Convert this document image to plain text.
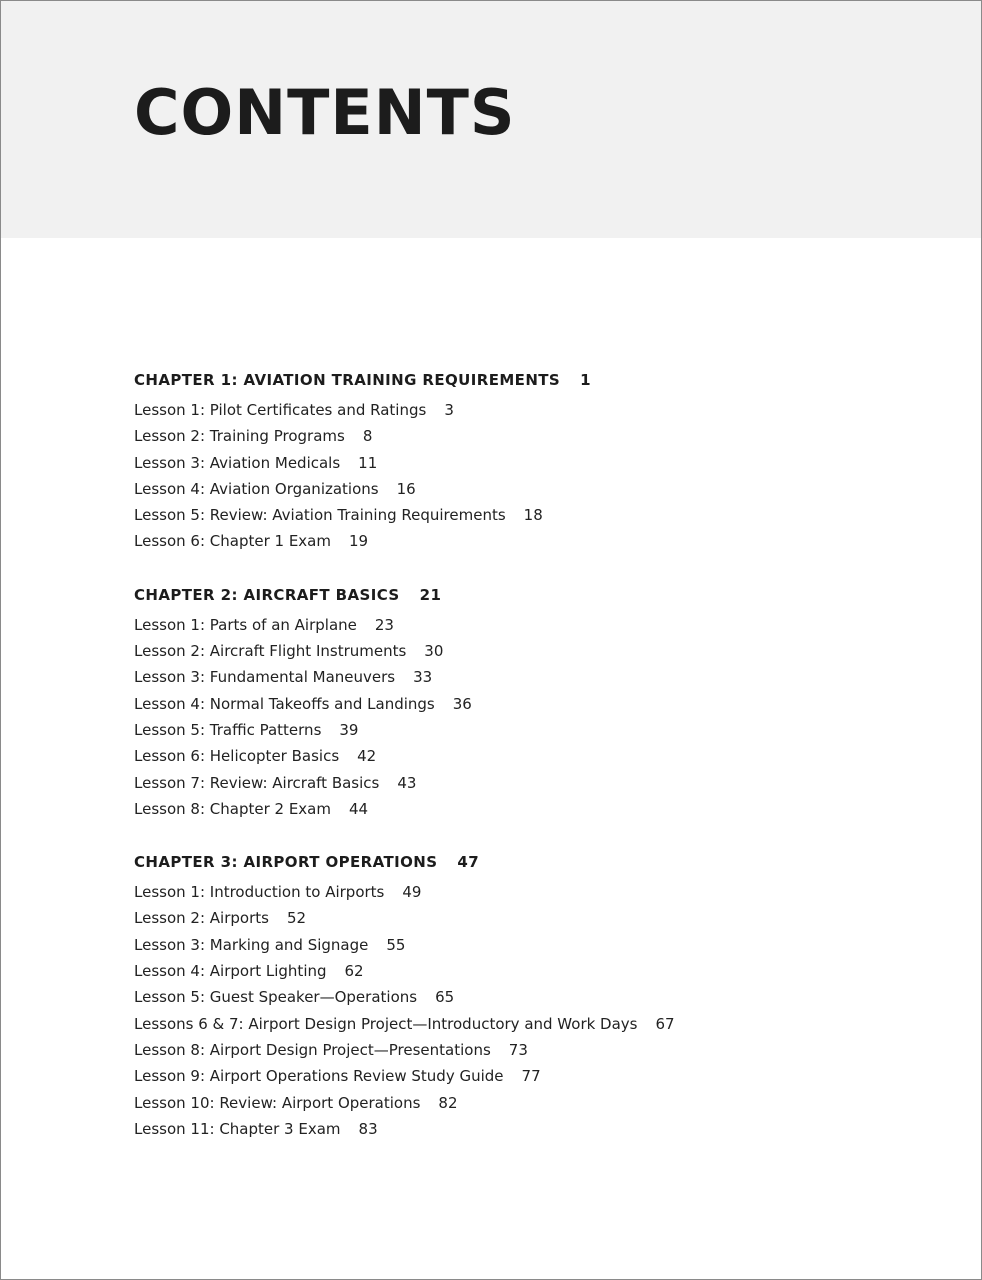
CONTENTS
CHAPTER 1: AVIATION TRAINING REQUIREMENTS 1
Lesson 1: Pilot Certificates and Ratings 3
Lesson 2: Training Programs 8
Lesson 3: Aviation Medicals 11
Lesson 4: Aviation Organizations 16
Lesson 5: Review: Aviation Training Requirements 18
Lesson 6: Chapter 1 Exam 19
CHAPTER 2: AIRCRAFT BASICS 21
Lesson 1: Parts of an Airplane 23
Lesson 2: Aircraft Flight Instruments 30
Lesson 3: Fundamental Maneuvers 33
Lesson 4: Normal Takeoffs and Landings 36
Lesson 5: Traffic Patterns 39
Lesson 6: Helicopter Basics 42
Lesson 7: Review: Aircraft Basics 43
Lesson 8: Chapter 2 Exam 44
CHAPTER 3: AIRPORT OPERATIONS 47
Lesson 1: Introduction to Airports 49
Lesson 2: Airports 52
Lesson 3: Marking and Signage 55
Lesson 4: Airport Lighting 62
Lesson 5: Guest Speaker—Operations 65
Lessons 6 & 7: Airport Design Project—Introductory and Work Days 67
Lesson 8: Airport Design Project—Presentations 73
Lesson 9: Airport Operations Review Study Guide 77
Lesson 10: Review: Airport Operations 82
Lesson 11: Chapter 3 Exam 83
